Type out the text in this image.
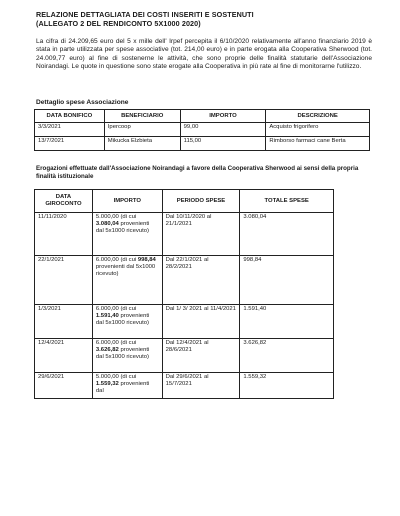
RELAZIONE DETTAGLIATA DEI COSTI INSERITI E SOSTENUTI
(ALLEGATO 2 DEL RENDICONTO 5X1000 2020)
La cifra di 24.209,65 euro del 5 x mille dell' Irpef percepita il 6/10/2020 relativamente all'anno finanziario 2019 è stata in parte utilizzata per spese associative (tot. 214,00 euro) e in parte erogata alla Cooperativa Sherwood (tot. 24.009,77 euro) al fine di sostenerne le attività, che sono proprie delle finalità statutarie dell'Associazione Noirandagi. Le quote in questione sono state erogate alla Cooperativa in più rate al fine di monitorarne l'utilizzo.
Dettaglio spese Associazione
DATA BONIFICO	BENEFICIARIO	IMPORTO	DESCRIZIONE
3/3/2021	Ipercoop	99,00	Acquisto frigorifero
13/7/2021	Mikucka Elzbieta	115,00	Rimborso farmaci cane Berta
Erogazioni effettuate dall'Associazione Noirandagi a favore della Cooperativa Sherwood ai sensi della propria finalità istituzionale
DATA GIROCONTO	IMPORTO	PERIODO SPESE	TOTALE SPESE
11/11/2020	5.000,00 (di cui 3.080,04 provenienti dal 5x1000 ricevuto)	Dal 10/11/2020 al 21/1/2021	3.080,04
22/1/2021	6.000,00 (di cui 998,84 provenienti dal 5x1000 ricevuto)	Dal 22/1/2021 al 28/2/2021	998,84
1/3/2021	6.000,00 (di cui 1.591,40 provenienti dal 5x1000 ricevuto)	Dal 1/ 3/ 2021 al 11/4/2021	1.591,40
12/4/2021	6.000,00 (di cui 3.626,82 provenienti dal 5x1000 ricevuto)	Dal 12/4/2021 al 28/6/2021	3.626,82
29/6/2021	5.000,00 (di cui 1.559,32 provenienti dal	Dal 29/6/2021 al 15/7/2021	1.559,32
